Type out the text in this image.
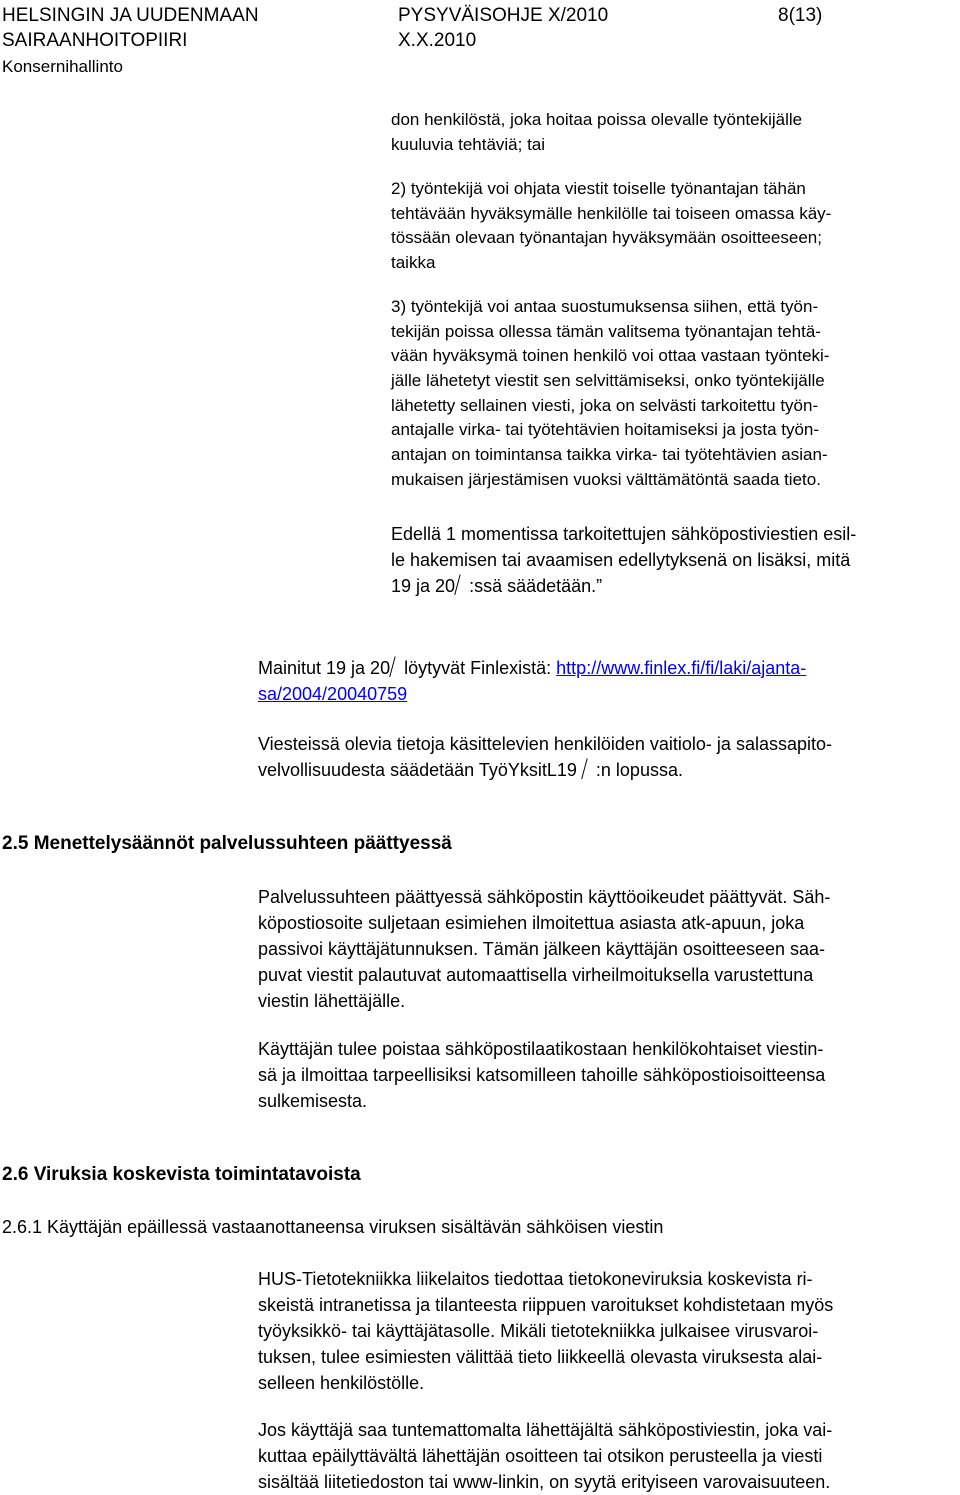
HELSINGIN JA UUDENMAAN
SAIRAANHOITOPIIRI
Konsernihallinto
PYSYVÄISOHJE X/2010
X.X.2010
8(13)
don henkilöstä, joka hoitaa poissa olevalle työntekijälle
kuuluvia tehtäviä; tai
2) työntekijä voi ohjata viestit toiselle työnantajan tähän
tehtävään hyväksymälle henkilölle tai toiseen omassa käy-
tössään olevaan työnantajan hyväksymään osoitteeseen;
taikka
3) työntekijä voi antaa suostumuksensa siihen, että työn-
tekijän poissa ollessa tämän valitsema työnantajan tehtä-
vään hyväksymä toinen henkilö voi ottaa vastaan työnteki-
jälle lähetetyt viestit sen selvittämiseksi, onko työntekijälle
lähetetty sellainen viesti, joka on selvästi tarkoitettu työn-
antajalle virka- tai työtehtävien hoitamiseksi ja josta työn-
antajan on toimintansa taikka virka- tai työtehtävien asian-
mukaisen järjestämisen vuoksi välttämätöntä saada tieto.
Edellä 1 momentissa tarkoitettujen sähköpostiviestien esil-
le hakemisen tai avaamisen edellytyksenä on lisäksi, mitä
19 ja 20 :ssä säädetään.”
Mainitut 19 ja 20 löytyvät Finlexistä: http://www.finlex.fi/fi/laki/ajanta-
sa/2004/20040759
Viesteissä olevia tietoja käsittelevien henkilöiden vaitiolo- ja salassapito-
velvollisuudesta säädetään TyöYksitL19 :n lopussa.
2.5 Menettelysäännöt palvelussuhteen päättyessä
Palvelussuhteen päättyessä sähköpostin käyttöoikeudet päättyvät. Säh-
köpostiosoite suljetaan esimiehen ilmoitettua asiasta atk-apuun, joka
passivoi käyttäjätunnuksen. Tämän jälkeen käyttäjän osoitteeseen saa-
puvat viestit palautuvat automaattisella virheilmoituksella varustettuna
viestin lähettäjälle.
Käyttäjän tulee poistaa sähköpostilaatikostaan henkilökohtaiset viestin-
sä ja ilmoittaa tarpeellisiksi katsomilleen tahoille sähköpostioisoitteensa
sulkemisesta.
2.6 Viruksia koskevista toimintatavoista
2.6.1 Käyttäjän epäillessä vastaanottaneensa viruksen sisältävän sähköisen viestin
HUS-Tietotekniikka liikelaitos tiedottaa tietokoneviruksia koskevista ri-
skeistä intranetissa ja tilanteesta riippuen varoitukset kohdistetaan myös
työyksikkö- tai käyttäjätasolle. Mikäli tietotekniikka julkaisee virusvaroi-
tuksen, tulee esimiesten välittää tieto liikkeellä olevasta viruksesta alai-
selleen henkilöstölle.
Jos käyttäjä saa tuntemattomalta lähettäjältä sähköpostiviestin, joka vai-
kuttaa epäilyttävältä lähettäjän osoitteen tai otsikon perusteella ja viesti
sisältää liitetiedoston tai www-linkin, on syytä erityiseen varovaisuuteen.
